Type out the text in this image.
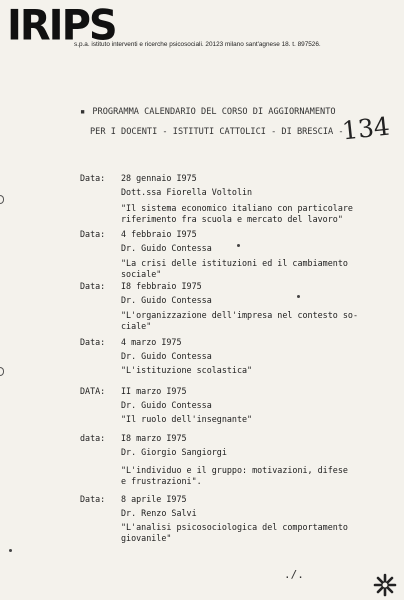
IRIPS
s.p.a. istituto interventi e ricerche psicosociali. 20123 milano sant'agnese 18. t. 897526.
▪ PROGRAMMA CALENDARIO DEL CORSO DI AGGIORNAMENTO
PER I DOCENTI - ISTITUTI CATTOLICI - DI BRESCIA -
134
Data: 28 gennaio I975
Dott.ssa Fiorella Voltolin
"Il sistema economico italiano con particolare
riferimento fra scuola e mercato del lavoro"
Data: 4 febbraio I975
Dr. Guido Contessa
"La crisi delle istituzioni ed il cambiamento
sociale"
Data: I8 febbraio I975
Dr. Guido Contessa
"L'organizzazione dell'impresa nel contesto so-
ciale"
Data: 4 marzo I975
Dr. Guido Contessa
"L'istituzione scolastica"
DATA: II marzo I975
Dr. Guido Contessa
"Il ruolo dell'insegnante"
data: I8 marzo I975
Dr. Giorgio Sangiorgi
"L'individuo e il gruppo: motivazioni, difese
e frustrazioni".
Data: 8 aprile I975
Dr. Renzo Salvi
"L'analisi psicosociologica del comportamento
giovanile"
./.
